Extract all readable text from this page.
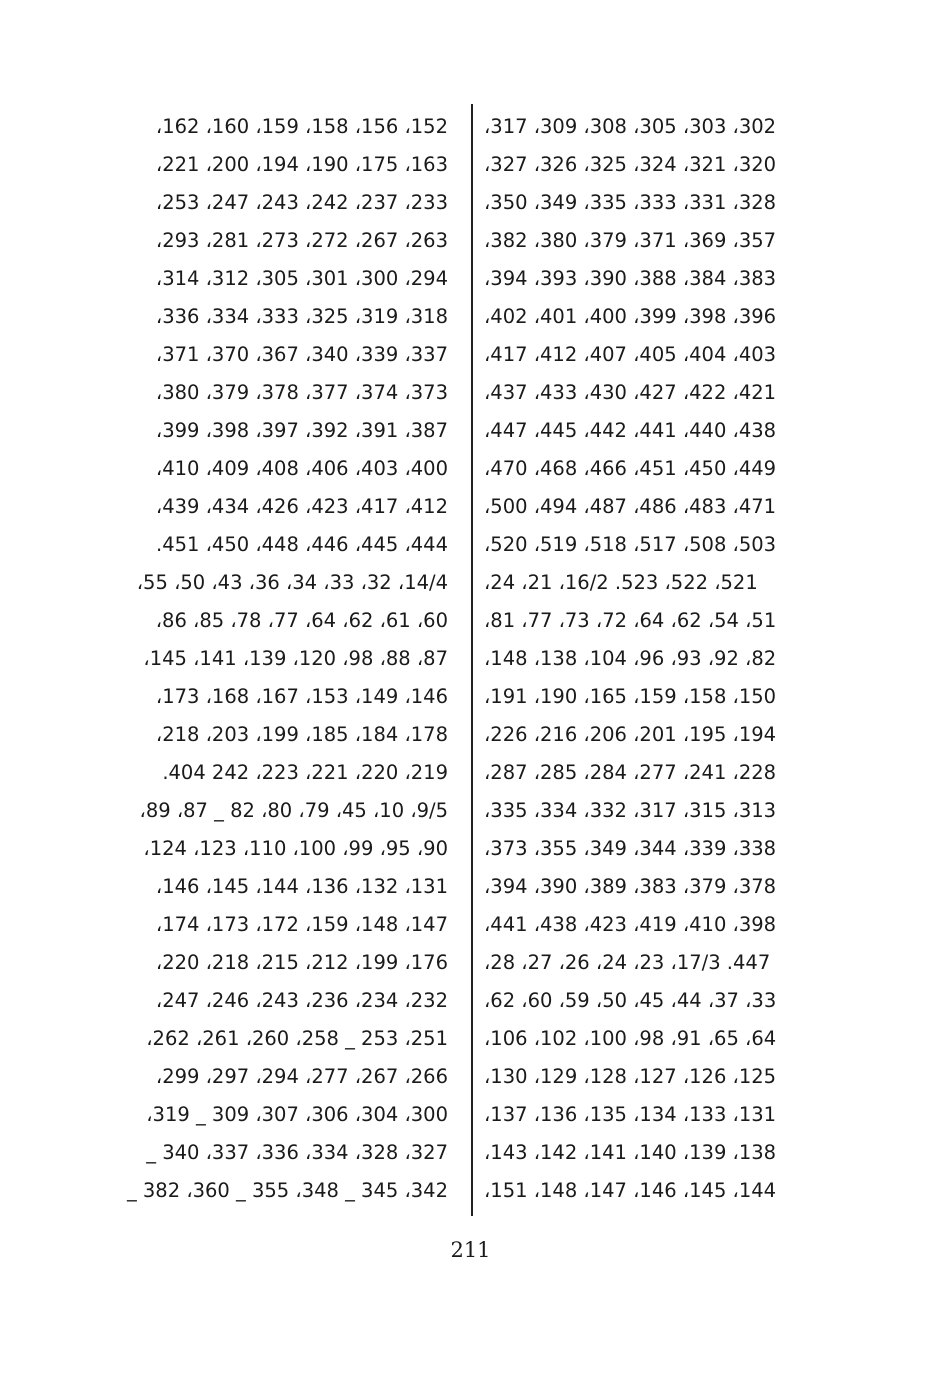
،162 ،160 ،159 ،158 ،156 ،152
،221 ،200 ،194 ،190 ،175 ،163
،253 ،247 ،243 ،242 ،237 ،233
،293 ،281 ،273 ،272 ،267 ،263
،314 ،312 ،305 ،301 ،300 ،294
،336 ،334 ،333 ،325 ،319 ،318
،371 ،370 ،367 ،340 ،339 ،337
،380 ،379 ،378 ،377 ،374 ،373
،399 ،398 ،397 ،392 ،391 ،387
،410 ،409 ،408 ،406 ،403 ،400
،439 ،434 ،426 ،423 ،417 ،412
.451 ،450 ،448 ،446 ،445 ،444
،55 ،50 ،43 ،36 ،34 ،33 ،32 ،14/4
،86 ،85 ،78 ،77 ،64 ،62 ،61 ،60
،145 ،141 ،139 ،120 ،98 ،88 ،87
،173 ،168 ،167 ،153 ،149 ،146
،218 ،203 ،199 ،185 ،184 ،178
.404 242 ،223 ،221 ،220 ،219
،89 ،87 _ 82 ،80 ،79 ،45 ،10 ،9/5
،124 ،123 ،110 ،100 ،99 ،95 ،90
،146 ،145 ،144 ،136 ،132 ،131
،174 ،173 ،172 ،159 ،148 ،147
،220 ،218 ،215 ،212 ،199 ،176
،247 ،246 ،243 ،236 ،234 ،232
،262 ،261 ،260 ،258 _ 253 ،251
،299 ،297 ،294 ،277 ،267 ،266
،319 _ 309 ،307 ،306 ،304 ،300
_ 340 ،337 ،336 ،334 ،328 ،327
_ 382 ،360 _ 355 ،348 _ 345 ،342
،317 ،309 ،308 ،305 ،303 ،302
،327 ،326 ،325 ،324 ،321 ،320
،350 ،349 ،335 ،333 ،331 ،328
،382 ،380 ،379 ،371 ،369 ،357
،394 ،393 ،390 ،388 ،384 ،383
،402 ،401 ،400 ،399 ،398 ،396
،417 ،412 ،407 ،405 ،404 ،403
،437 ،433 ،430 ،427 ،422 ،421
،447 ،445 ،442 ،441 ،440 ،438
،470 ،468 ،466 ،451 ،450 ،449
،500 ،494 ،487 ،486 ،483 ،471
،520 ،519 ،518 ،517 ،508 ،503
،24 ،21 ،16/2 .523 ،522 ،521
،81 ،77 ،73 ،72 ،64 ،62 ،54 ،51
،148 ،138 ،104 ،96 ،93 ،92 ،82
،191 ،190 ،165 ،159 ،158 ،150
،226 ،216 ،206 ،201 ،195 ،194
،287 ،285 ،284 ،277 ،241 ،228
،335 ،334 ،332 ،317 ،315 ،313
،373 ،355 ،349 ،344 ،339 ،338
،394 ،390 ،389 ،383 ،379 ،378
،441 ،438 ،423 ،419 ،410 ،398
،28 ،27 ،26 ،24 ،23 ،17/3 .447
،62 ،60 ،59 ،50 ،45 ،44 ،37 ،33
،106 ،102 ،100 ،98 ،91 ،65 ،64
،130 ،129 ،128 ،127 ،126 ،125
،137 ،136 ،135 ،134 ،133 ،131
،143 ،142 ،141 ،140 ،139 ،138
،151 ،148 ،147 ،146 ،145 ،144
211
